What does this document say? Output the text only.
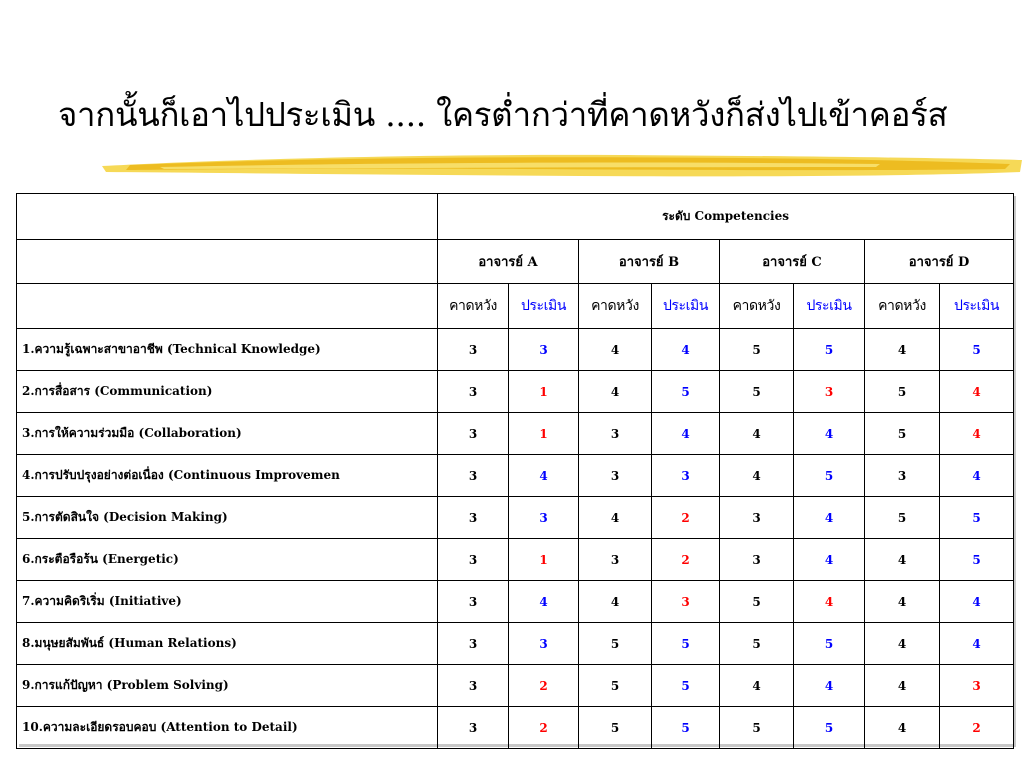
จากนั้นก็เอาไปประเมิน .... ใครต่ำกว่าที่คาดหวังก็ส่งไปเข้าคอร์ส
	ระดับ Competencies							
	อาจารย์ A		อาจารย์ B		อาจารย์ C		อาจารย์ D	
	คาดหวัง	ประเมิน	คาดหวัง	ประเมิน	คาดหวัง	ประเมิน	คาดหวัง	ประเมิน
1.ความรู้เฉพาะสาขาอาชีพ (Technical Knowledge)	3	3	4	4	5	5	4	5
2.การสื่อสาร (Communication)	3	1	4	5	5	3	5	4
3.การให้ความร่วมมือ (Collaboration)	3	1	3	4	4	4	5	4
4.การปรับปรุงอย่างต่อเนื่อง (Continuous Improvemen	3	4	3	3	4	5	3	4
5.การตัดสินใจ (Decision Making)	3	3	4	2	3	4	5	5
6.กระตือรือร้น (Energetic)	3	1	3	2	3	4	4	5
7.ความคิดริเริ่ม (Initiative)	3	4	4	3	5	4	4	4
8.มนุษยสัมพันธ์ (Human Relations)	3	3	5	5	5	5	4	4
9.การแก้ปัญหา (Problem Solving)	3	2	5	5	4	4	4	3
10.ความละเอียดรอบคอบ (Attention to Detail)	3	2	5	5	5	5	4	2
